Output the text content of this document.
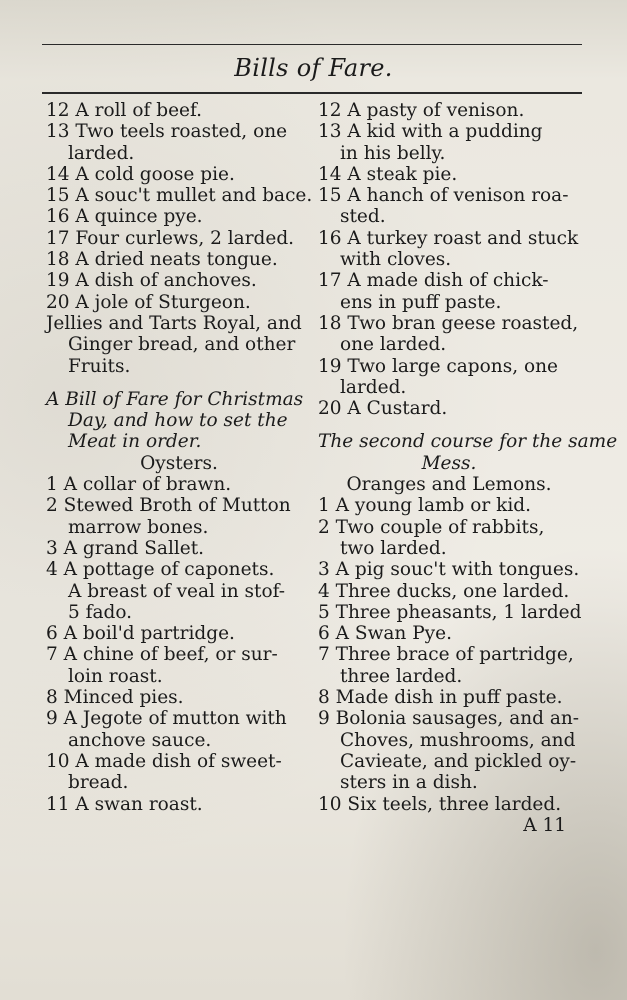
Bills of Fare.
12 A roll of beef.
13 Two teels roasted, one
larded.
14 A cold goose pie.
15 A souc't mullet and bace.
16 A quince pye.
17 Four curlews, 2 larded.
18 A dried neats tongue.
19 A dish of anchoves.
20 A jole of Sturgeon.
Jellies and Tarts Royal, and
Ginger bread, and other
Fruits.
A Bill of Fare for Christmas
Day, and how to set the
Meat in order.
Oysters.
1 A collar of brawn.
2 Stewed Broth of Mutton
marrow bones.
3 A grand Sallet.
4 A pottage of caponets.
A breast of veal in stof-
5 fado.
6 A boil'd partridge.
7 A chine of beef, or sur-
loin roast.
8 Minced pies.
9 A Jegote of mutton with
anchove sauce.
10 A made dish of sweet-
bread.
11 A swan roast.
12 A pasty of venison.
13 A kid with a pudding
in his belly.
14 A steak pie.
15 A hanch of venison roa-
sted.
16 A turkey roast and stuck
with cloves.
17 A made dish of chick-
ens in puff paste.
18 Two bran geese roasted,
one larded.
19 Two large capons, one
larded.
20 A Custard.
The second course for the same
Mess.
Oranges and Lemons.
1 A young lamb or kid.
2 Two couple of rabbits,
two larded.
3 A pig souc't with tongues.
4 Three ducks, one larded.
5 Three pheasants, 1 larded
6 A Swan Pye.
7 Three brace of partridge,
three larded.
8 Made dish in puff paste.
9 Bolonia sausages, and an-
Choves, mushrooms, and
Cavieate, and pickled oy-
sters in a dish.
10 Six teels, three larded.
A 11
